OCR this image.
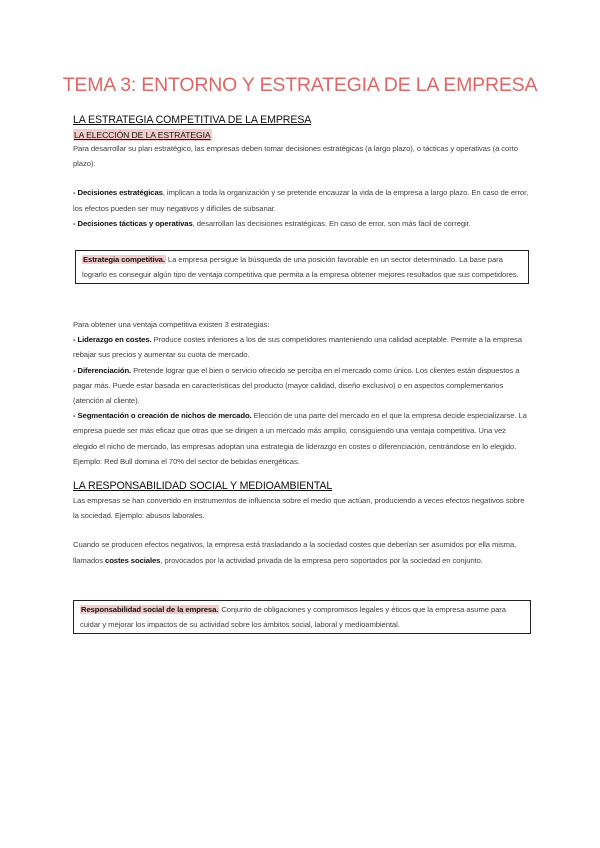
TEMA 3: ENTORNO Y ESTRATEGIA DE LA EMPRESA
LA ESTRATEGIA COMPETITIVA DE LA EMPRESA
LA ELECCIÓN DE LA ESTRATEGIA

Para desarrollar su plan estratégico, las empresas deben tomar decisiones estratégicas (a largo plazo), o tácticas y operativas (a corto plazo).

- Decisiones estratégicas, implican a toda la organización y se pretende encauzar la vida de la empresa a largo plazo. En caso de error, los efectos pueden ser muy negativos y difíciles de subsanar.

- Decisiones tácticas y operativas, desarrollan las decisiones estratégicas. En caso de error, son más fácil de corregir.

Estrategia competitiva. La empresa persigue la búsqueda de una posición favorable en un sector determinado. La base para lograrlo es conseguir algún tipo de ventaja competitiva que permita a la empresa obtener mejores resultados que sus competidores.

Para obtener una ventaja competitiva existen 3 estrategias:

- Liderazgo en costes. Produce costes inferiores a los de sus competidores manteniendo una calidad aceptable. Permite a la empresa rebajar sus precios y aumentar su cuota de mercado.

- Diferenciación. Pretende lograr que el bien o servicio ofrecido se perciba en el mercado como único. Los clientes están dispuestos a pagar más. Puede estar basada en características del producto (mayor calidad, diseño exclusivo) o en aspectos complementarios (atención al cliente).

- Segmentación o creación de nichos de mercado. Elección de una parte del mercado en el que la empresa decide especializarse. La empresa puede ser más eficaz que otras que se dirigen a un mercado más amplio, consiguiendo una ventaja competitiva. Una vez elegido el nicho de mercado, las empresas adoptan una estrategia de liderazgo en costes o diferenciación, centrándose en lo elegido. Ejemplo: Red Bull domina el 70% del sector de bebidas energéticas.

LA RESPONSABILIDAD SOCIAL Y MEDIOAMBIENTAL

Las empresas se han convertido en instrumentos de influencia sobre el medio que actúan, produciendo a veces efectos negativos sobre la sociedad. Ejemplo: abusos laborales.

Cuando se producen efectos negativos, la empresa está trasladando a la sociedad costes que deberían ser asumidos por ella misma, llamados costes sociales, provocados por la actividad privada de la empresa pero soportados por la sociedad en conjunto.

Responsabilidad social de la empresa. Conjunto de obligaciones y compromisos legales y éticos que la empresa asume para cuidar y mejorar los impactos de su actividad sobre los ámbitos social, laboral y medioambiental.
